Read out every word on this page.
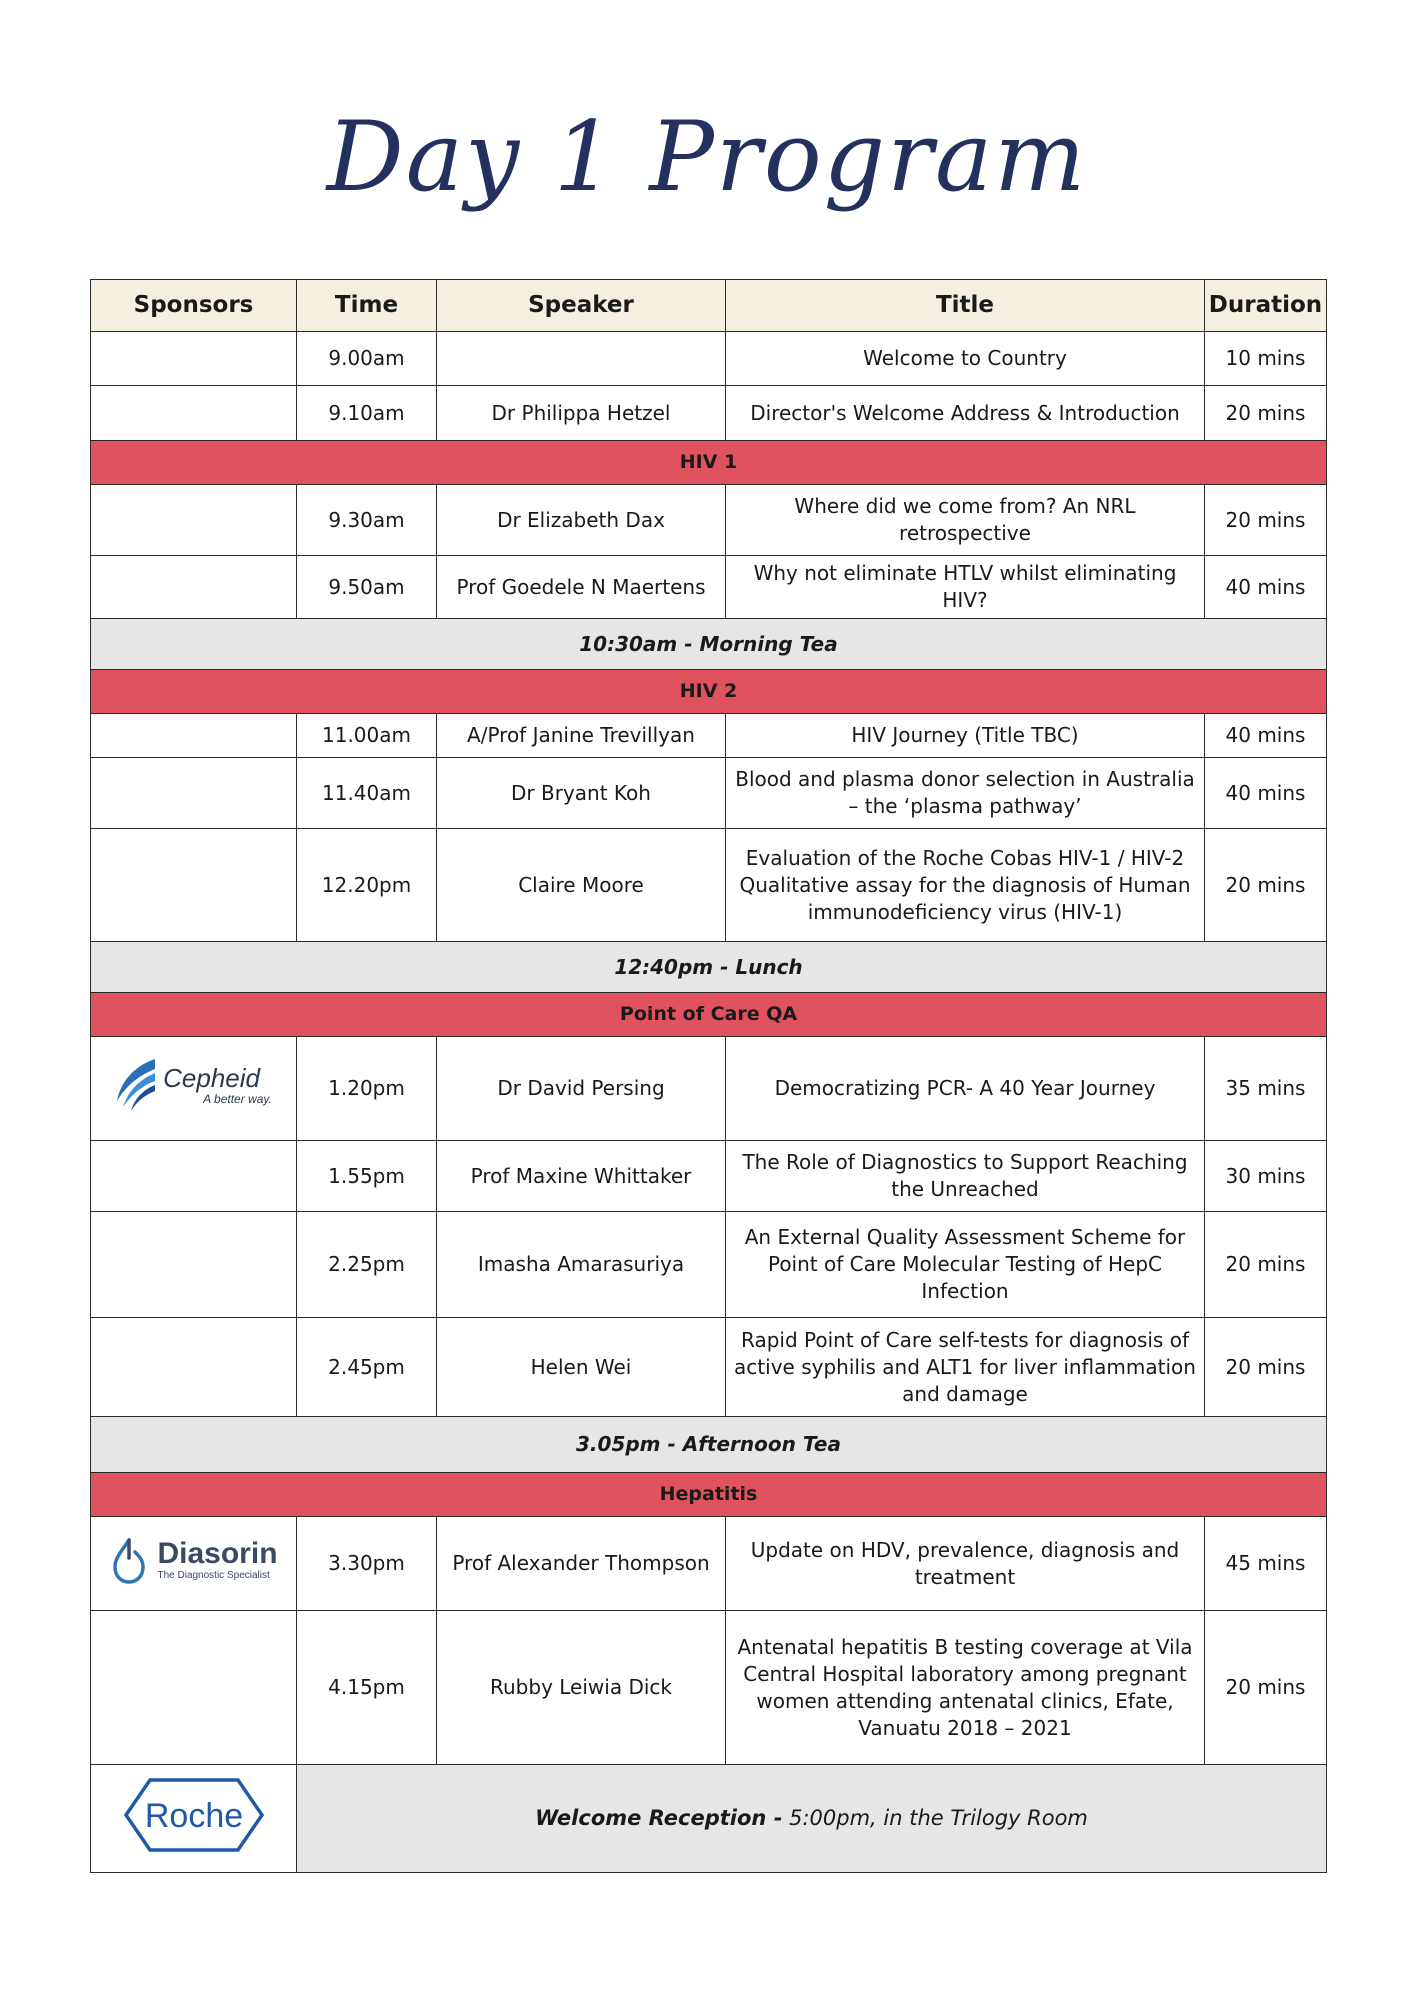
Day 1 Program
Sponsors	Time	Speaker	Title	Duration
	9.00am		Welcome to Country	10 mins
	9.10am	Dr Philippa Hetzel	Director's Welcome Address & Introduction	20 mins
HIV 1				
	9.30am	Dr Elizabeth Dax	Where did we come from? An NRL retrospective	20 mins
	9.50am	Prof Goedele N Maertens	Why not eliminate HTLV whilst eliminating HIV?	40 mins
10:30am - Morning Tea				
HIV 2				
	11.00am	A/Prof Janine Trevillyan	HIV Journey (Title TBC)	40 mins
	11.40am	Dr Bryant Koh	Blood and plasma donor selection in Australia – the ‘plasma pathway’	40 mins
	12.20pm	Claire Moore	Evaluation of the Roche Cobas HIV-1 / HIV-2 Qualitative assay for the diagnosis of Human immunodeficiency virus (HIV-1)	20 mins
12:40pm - Lunch				
Point of Care QA				

Cepheid
A better way.	1.20pm	Dr David Persing	Democratizing PCR- A 40 Year Journey	35 mins
	1.55pm	Prof Maxine Whittaker	The Role of Diagnostics to Support Reaching the Unreached	30 mins
	2.25pm	Imasha Amarasuriya	An External Quality Assessment Scheme for Point of Care Molecular Testing of HepC Infection	20 mins
	2.45pm	Helen Wei	Rapid Point of Care self-tests for diagnosis of active syphilis and ALT1 for liver inflammation and damage	20 mins
3.05pm - Afternoon Tea				
Hepatitis				

Diasorin
The Diagnostic Specialist	3.30pm	Prof Alexander Thompson	Update on HDV, prevalence, diagnosis and treatment	45 mins
	4.15pm	Rubby Leiwia Dick	Antenatal hepatitis B testing coverage at Vila Central Hospital laboratory among pregnant women attending antenatal clinics, Efate, Vanuatu 2018 – 2021	20 mins

Roche	Welcome Reception - 5:00pm, in the Trilogy Room			
